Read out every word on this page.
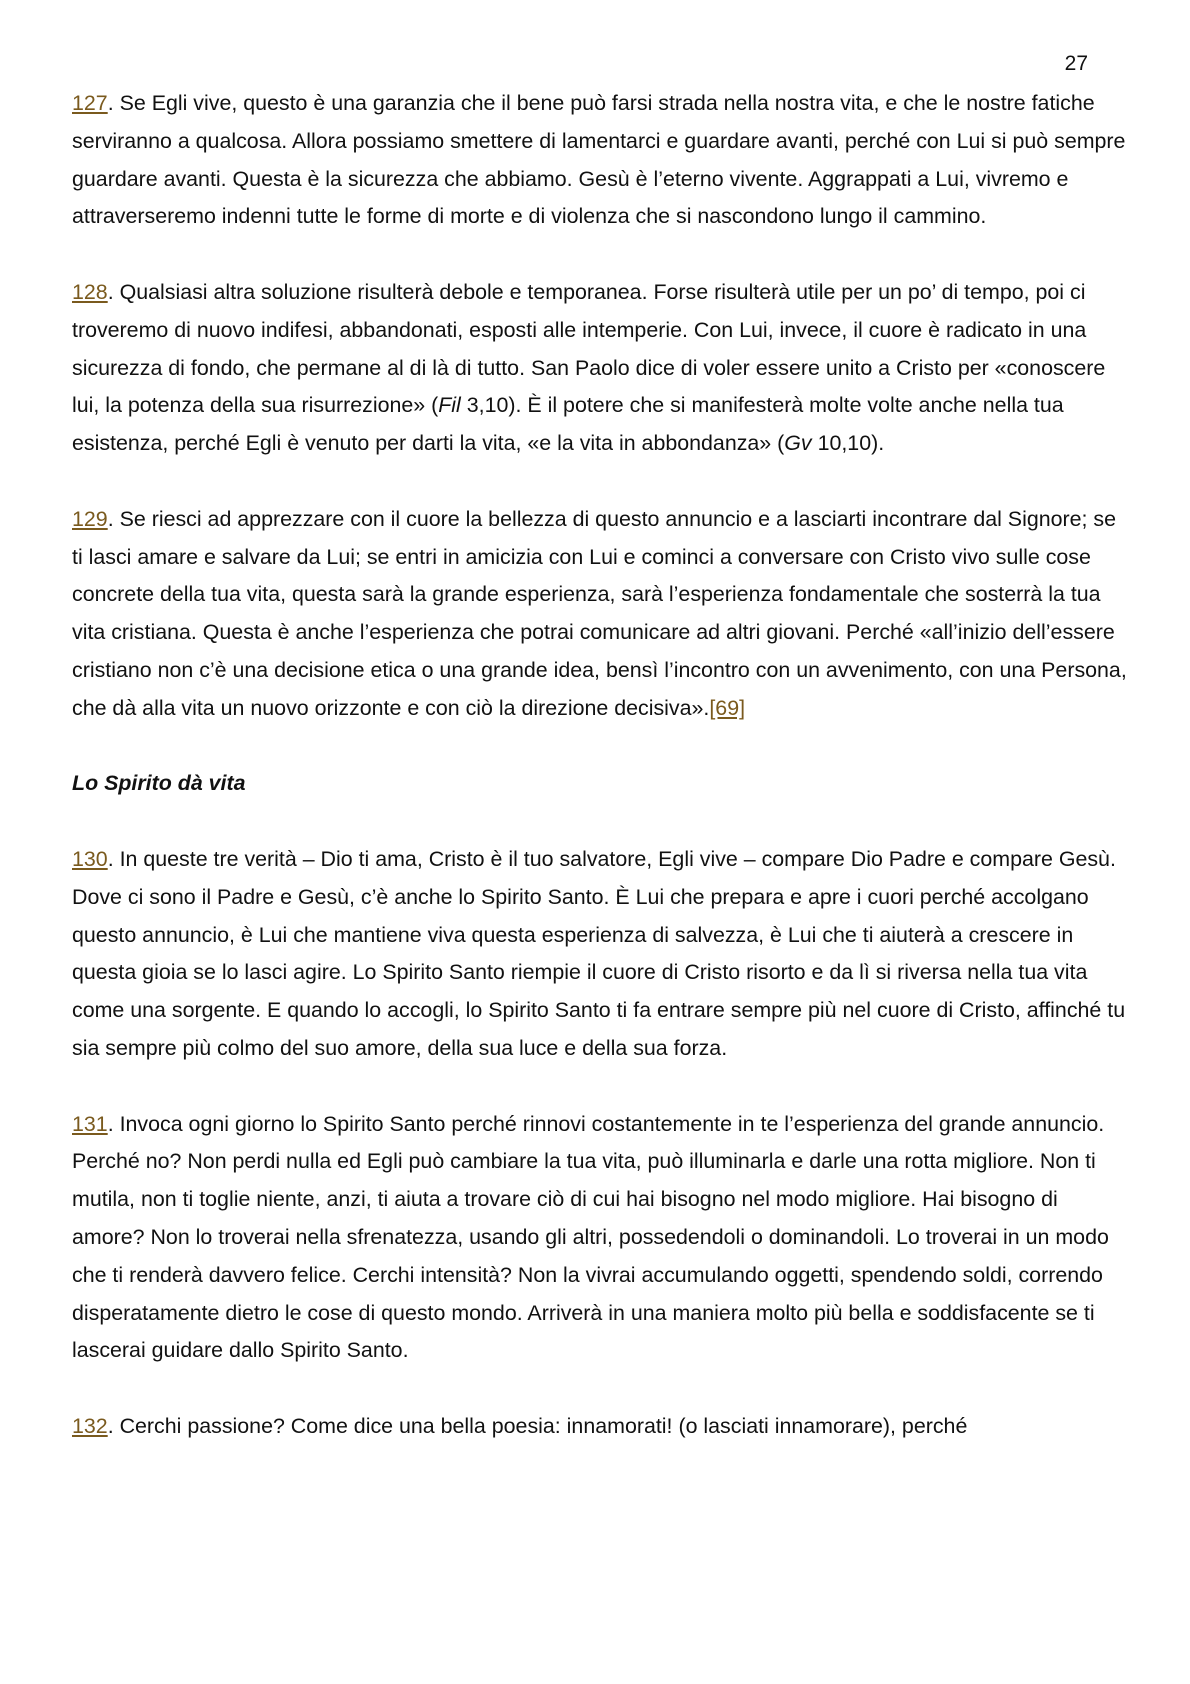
27

127. Se Egli vive, questo è una garanzia che il bene può farsi strada nella nostra vita, e che le nostre fatiche serviranno a qualcosa. Allora possiamo smettere di lamentarci e guardare avanti, perché con Lui si può sempre guardare avanti. Questa è la sicurezza che abbiamo. Gesù è l’eterno vivente. Aggrappati a Lui, vivremo e attraverseremo indenni tutte le forme di morte e di violenza che si nascondono lungo il cammino.

128. Qualsiasi altra soluzione risulterà debole e temporanea. Forse risulterà utile per un po’ di tempo, poi ci troveremo di nuovo indifesi, abbandonati, esposti alle intemperie. Con Lui, invece, il cuore è radicato in una sicurezza di fondo, che permane al di là di tutto. San Paolo dice di voler essere unito a Cristo per «conoscere lui, la potenza della sua risurrezione» (Fil 3,10). È il potere che si manifesterà molte volte anche nella tua esistenza, perché Egli è venuto per darti la vita, «e la vita in abbondanza» (Gv 10,10).

129. Se riesci ad apprezzare con il cuore la bellezza di questo annuncio e a lasciarti incontrare dal Signore; se ti lasci amare e salvare da Lui; se entri in amicizia con Lui e cominci a conversare con Cristo vivo sulle cose concrete della tua vita, questa sarà la grande esperienza, sarà l’esperienza fondamentale che sosterrà la tua vita cristiana. Questa è anche l’esperienza che potrai comunicare ad altri giovani. Perché «all’inizio dell’essere cristiano non c’è una decisione etica o una grande idea, bensì l’incontro con un avvenimento, con una Persona, che dà alla vita un nuovo orizzonte e con ciò la direzione decisiva».[69]

Lo Spirito dà vita

130. In queste tre verità – Dio ti ama, Cristo è il tuo salvatore, Egli vive – compare Dio Padre e compare Gesù. Dove ci sono il Padre e Gesù, c’è anche lo Spirito Santo. È Lui che prepara e apre i cuori perché accolgano questo annuncio, è Lui che mantiene viva questa esperienza di salvezza, è Lui che ti aiuterà a crescere in questa gioia se lo lasci agire. Lo Spirito Santo riempie il cuore di Cristo risorto e da lì si riversa nella tua vita come una sorgente. E quando lo accogli, lo Spirito Santo ti fa entrare sempre più nel cuore di Cristo, affinché tu sia sempre più colmo del suo amore, della sua luce e della sua forza.

131. Invoca ogni giorno lo Spirito Santo perché rinnovi costantemente in te l’esperienza del grande annuncio. Perché no? Non perdi nulla ed Egli può cambiare la tua vita, può illuminarla e darle una rotta migliore. Non ti mutila, non ti toglie niente, anzi, ti aiuta a trovare ciò di cui hai bisogno nel modo migliore. Hai bisogno di amore? Non lo troverai nella sfrenatezza, usando gli altri, possedendoli o dominandoli. Lo troverai in un modo che ti renderà davvero felice. Cerchi intensità? Non la vivrai accumulando oggetti, spendendo soldi, correndo disperatamente dietro le cose di questo mondo. Arriverà in una maniera molto più bella e soddisfacente se ti lascerai guidare dallo Spirito Santo.

132. Cerchi passione? Come dice una bella poesia: innamorati! (o lasciati innamorare), perché
